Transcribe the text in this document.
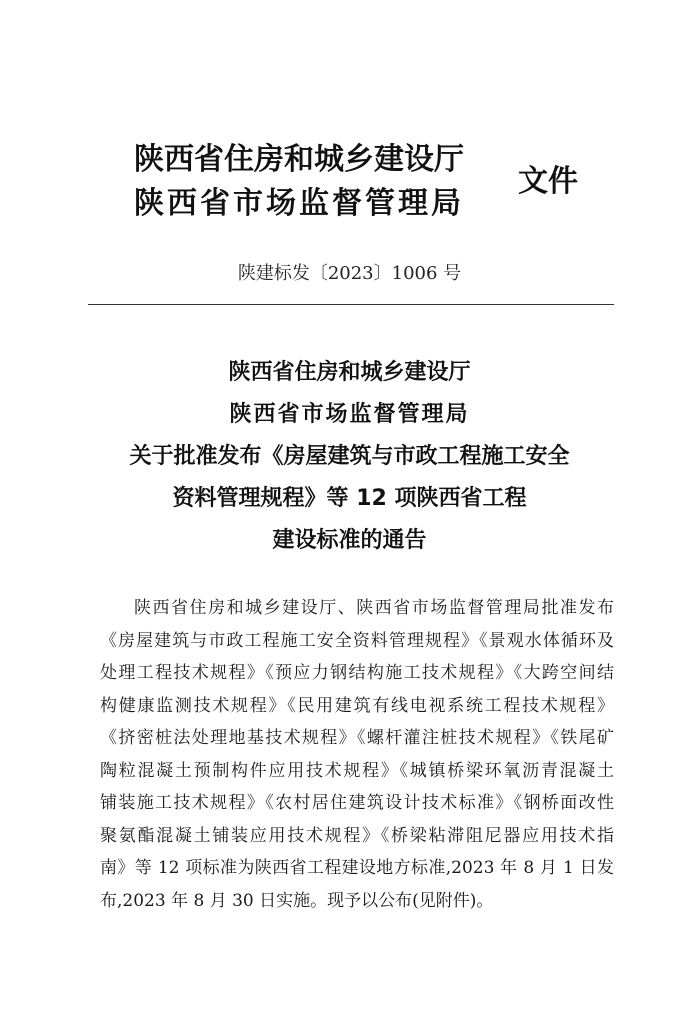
陕西省住房和城乡建设厅
陕西省市场监督管理局
文件
陕建标发〔2023〕1006 号
陕西省住房和城乡建设厅
陕西省市场监督管理局
关于批准发布《房屋建筑与市政工程施工安全
资料管理规程》等 12 项陕西省工程
建设标准的通告
陕西省住房和城乡建设厅、陕西省市场监督管理局批准发布
《房屋建筑与市政工程施工安全资料管理规程》《景观水体循环及
处理工程技术规程》《预应力钢结构施工技术规程》《大跨空间结
构健康监测技术规程》《民用建筑有线电视系统工程技术规程》
《挤密桩法处理地基技术规程》《螺杆灌注桩技术规程》《铁尾矿
陶粒混凝土预制构件应用技术规程》《城镇桥梁环氧沥青混凝土
铺装施工技术规程》《农村居住建筑设计技术标准》《钢桥面改性
聚氨酯混凝土铺装应用技术规程》《桥梁粘滞阻尼器应用技术指
南》等 12 项标准为陕西省工程建设地方标准,2023 年 8 月 1 日发
布,2023 年 8 月 30 日实施。现予以公布(见附件)。
